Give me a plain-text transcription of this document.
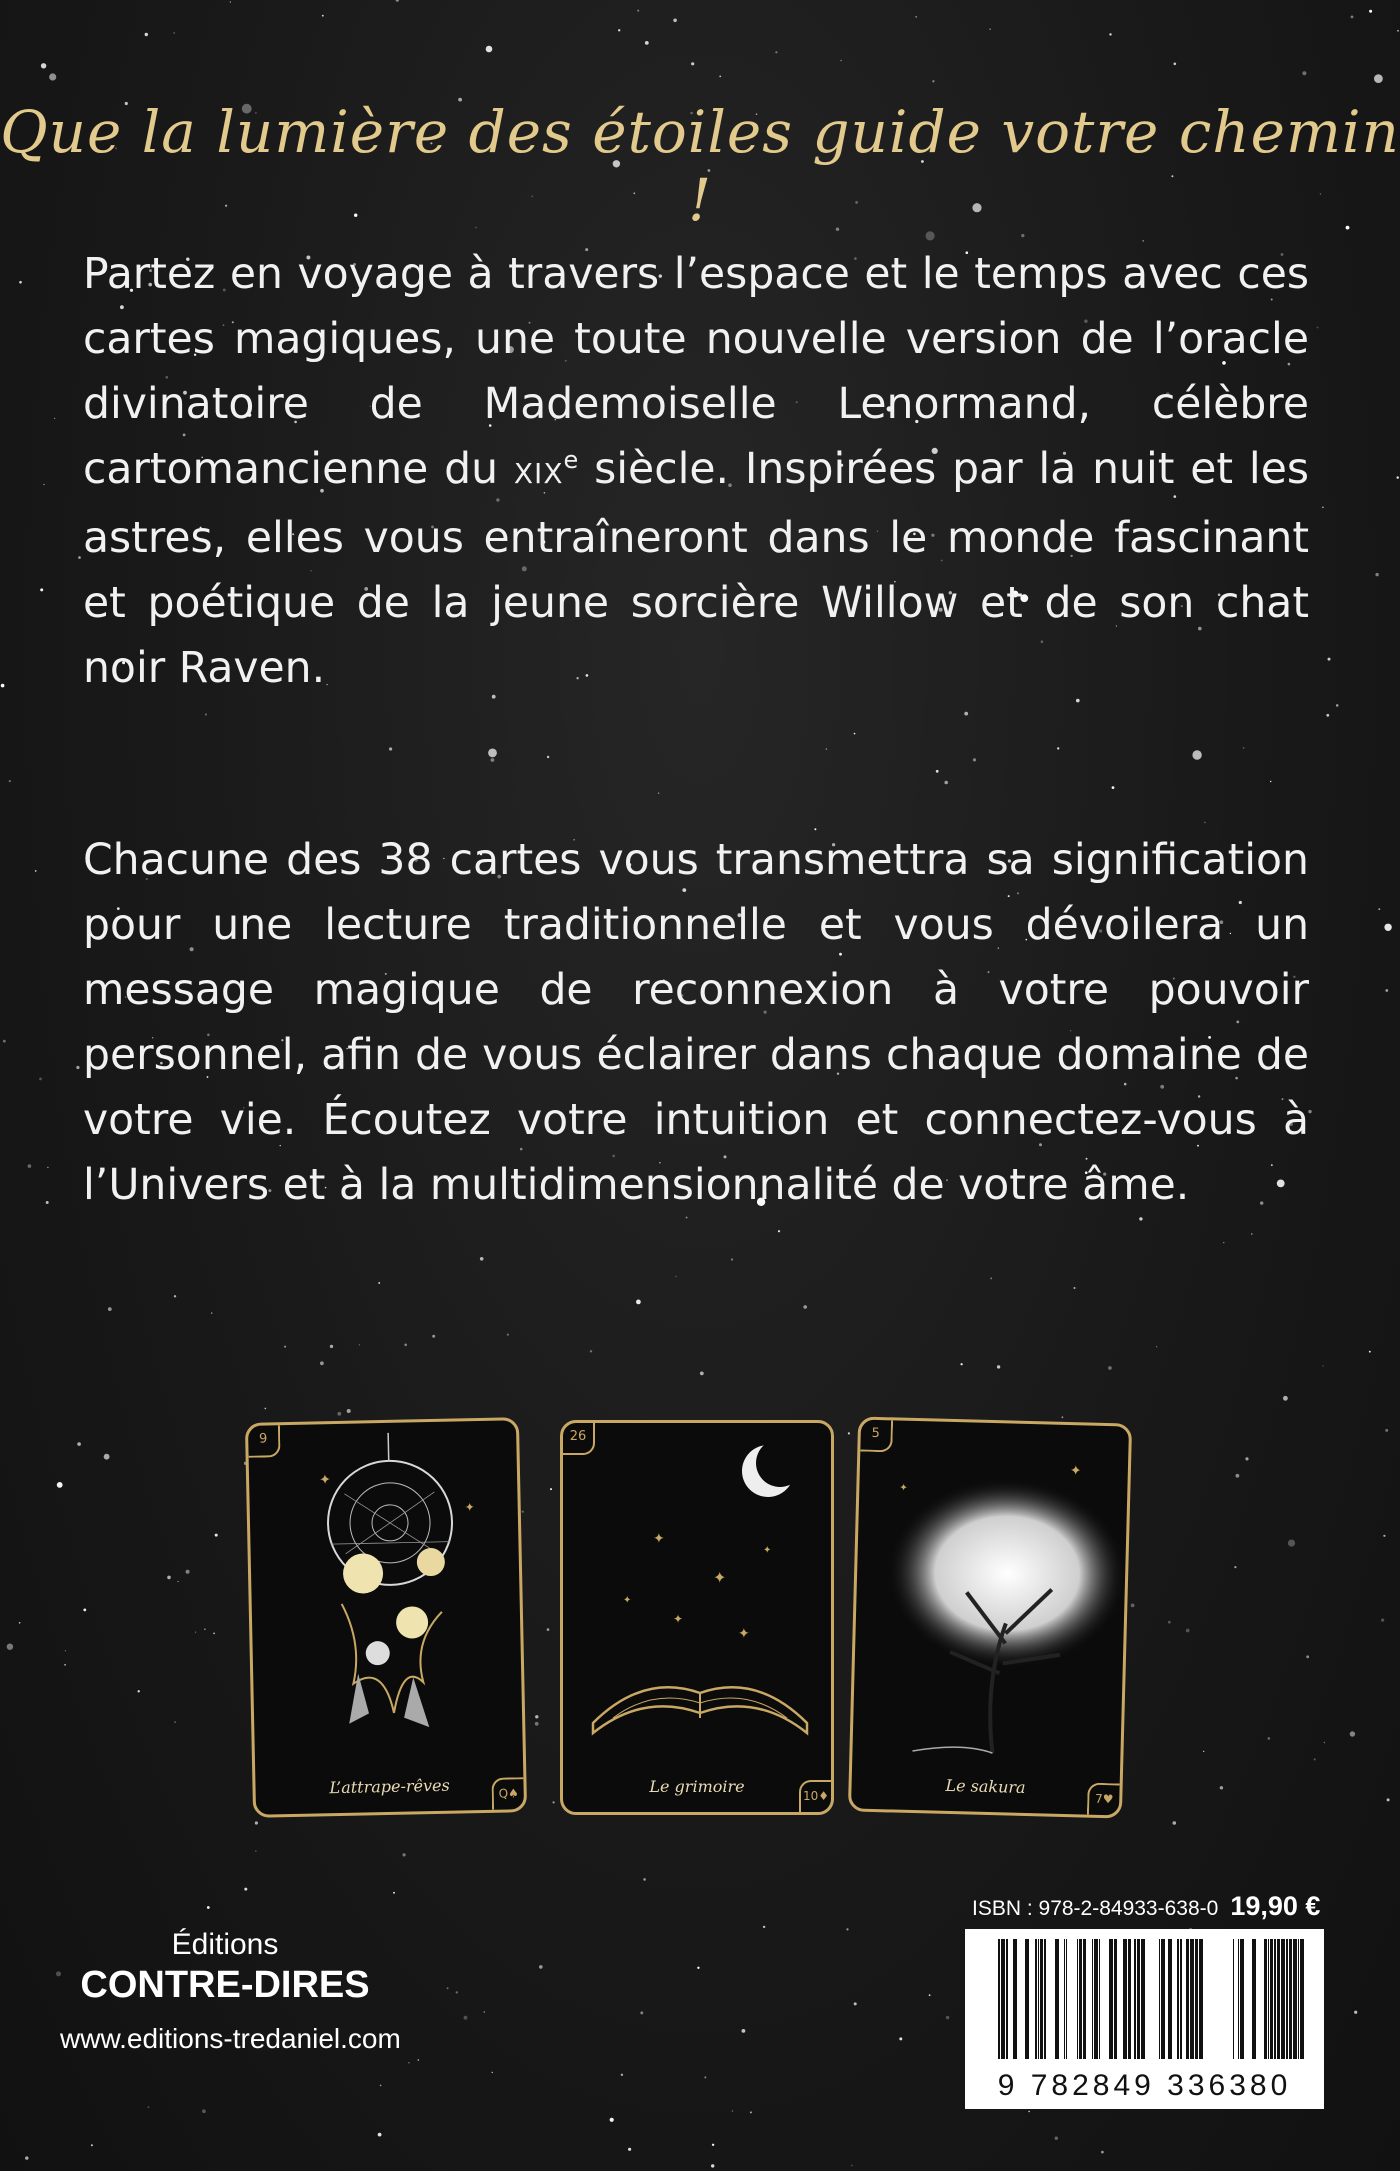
Que la lumière des étoiles guide votre chemin !

Partez en voyage à travers l’espace et le temps avec ces cartes magiques, une toute nouvelle version de l’oracle divinatoire de Mademoiselle Lenormand, célèbre cartomancienne du XIXe siècle. Inspirées par la nuit et les astres, elles vous entraîneront dans le monde fascinant et poétique de la jeune sorcière Willow et de son chat noir Raven.

Chacune des 38 cartes vous transmettra sa signification pour une lecture traditionnelle et vous dévoilera un message magique de reconnexion à votre pouvoir personnel, afin de vous éclairer dans chaque domaine de votre vie. Écoutez votre intuition et connectez-vous à l’Univers et à la multidimensionnalité de votre âme.

✦
✦
9
L’attrape-rêves	Q♠
✦
✦
✦
✦
✦
✦
26
Le grimoire	10♦
✦
✦
5
Le sakura
7♥
ISBN : 978-2-84933-638-0 19,90 €
9 782849 336380
Éditions
CONTRE-DIRES
www.editions-tredaniel.com
